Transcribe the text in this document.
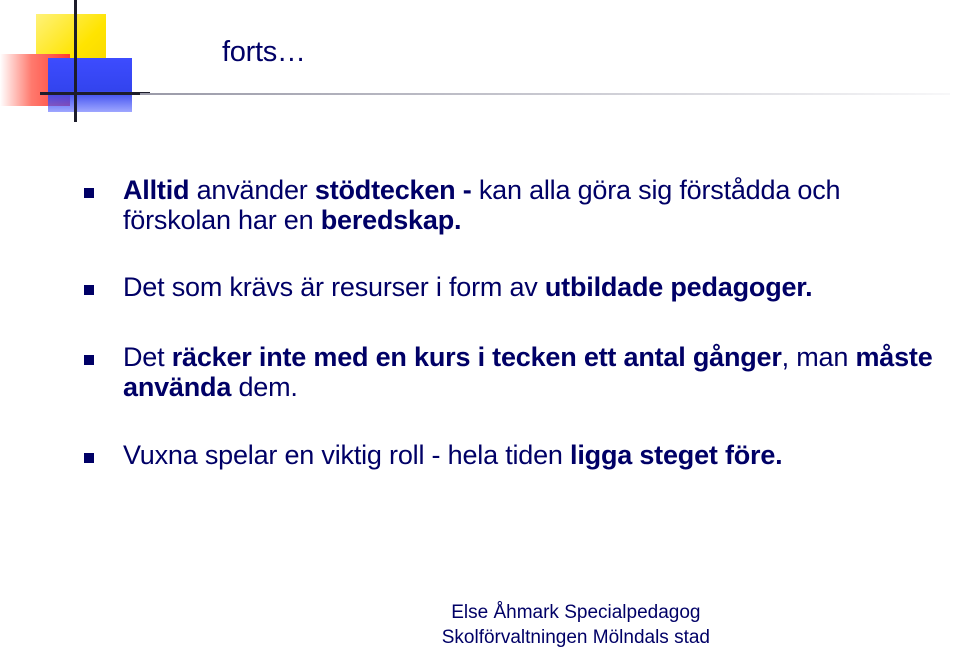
forts…
Alltid använder stödtecken - kan alla göra sig förstådda och förskolan har en beredskap.
Det som krävs är resurser i form av utbildade pedagoger.
Det räcker inte med en kurs i tecken ett antal gånger, man måste använda dem.
Vuxna spelar en viktig roll - hela tiden ligga steget före.
Else Åhmark Specialpedagog
Skolförvaltningen Mölndals stad
